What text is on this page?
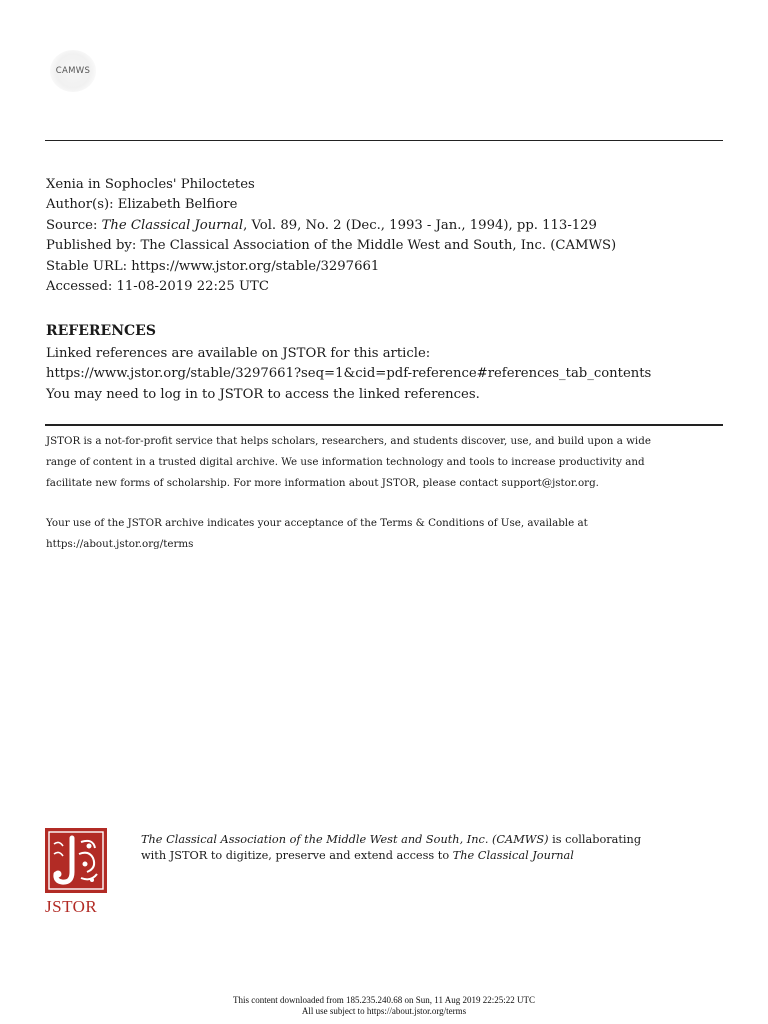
CAMWS
Xenia in Sophocles' Philoctetes
Author(s): Elizabeth Belfiore
Source: The Classical Journal, Vol. 89, No. 2 (Dec., 1993 - Jan., 1994), pp. 113-129
Published by: The Classical Association of the Middle West and South, Inc. (CAMWS)
Stable URL: https://www.jstor.org/stable/3297661
Accessed: 11-08-2019 22:25 UTC
REFERENCES
Linked references are available on JSTOR for this article:
https://www.jstor.org/stable/3297661?seq=1&cid=pdf-reference#references_tab_contents
You may need to log in to JSTOR to access the linked references.
JSTOR is a not-for-profit service that helps scholars, researchers, and students discover, use, and build upon a wide
range of content in a trusted digital archive. We use information technology and tools to increase productivity and
facilitate new forms of scholarship. For more information about JSTOR, please contact support@jstor.org.
Your use of the JSTOR archive indicates your acceptance of the Terms & Conditions of Use, available at
https://about.jstor.org/terms
JSTOR
The Classical Association of the Middle West and South, Inc. (CAMWS) is collaborating
with JSTOR to digitize, preserve and extend access to The Classical Journal
This content downloaded from 185.235.240.68 on Sun, 11 Aug 2019 22:25:22 UTC
All use subject to https://about.jstor.org/terms
